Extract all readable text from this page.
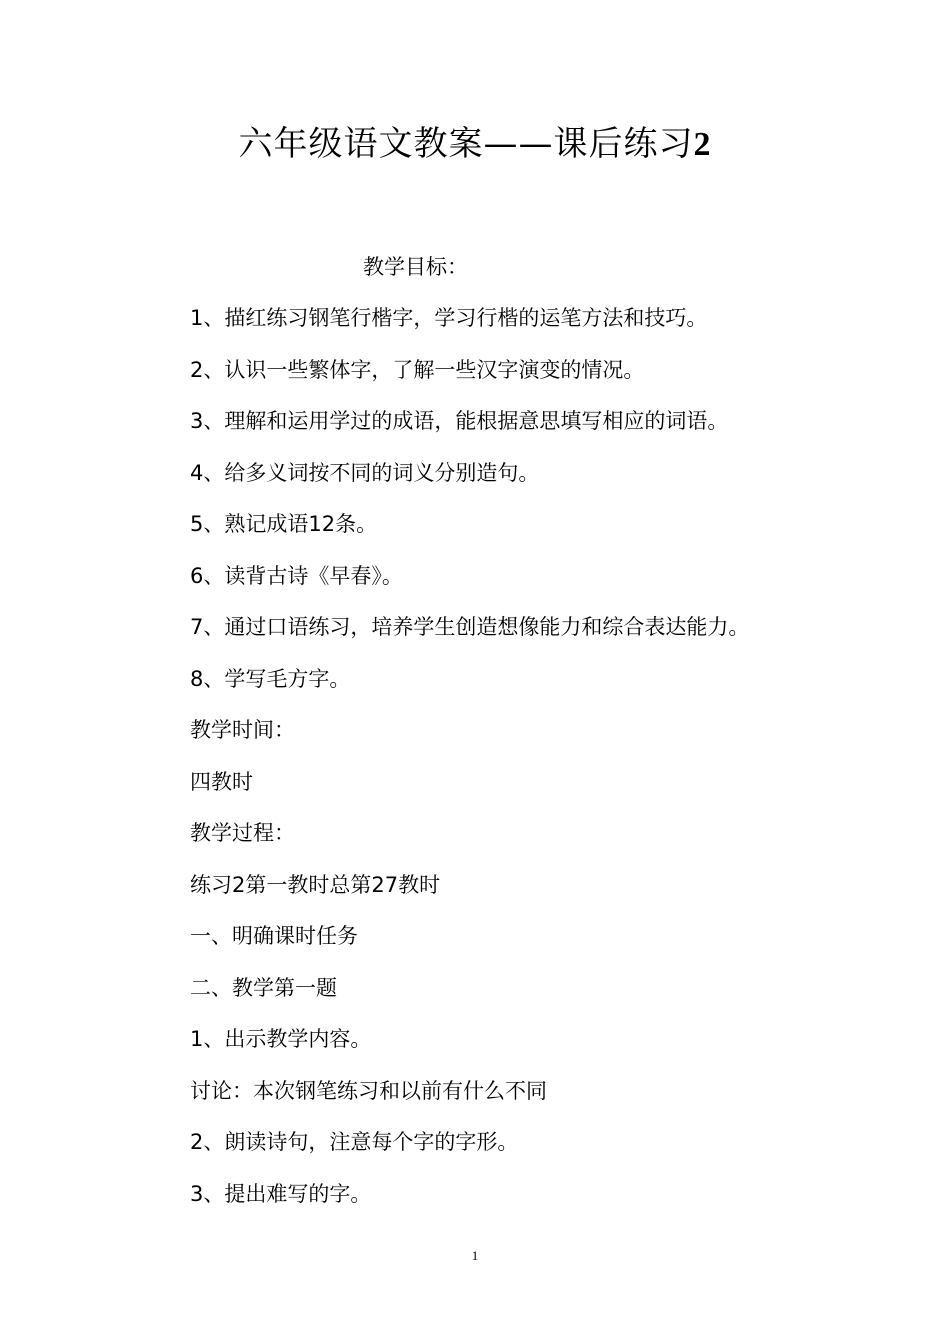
六年级语文教案——课后练习2

教学目标：

1、描红练习钢笔行楷字，学习行楷的运笔方法和技巧。
2、认识一些繁体字，了解一些汉字演变的情况。
3、理解和运用学过的成语，能根据意思填写相应的词语。
4、给多义词按不同的词义分别造句。
5、熟记成语12条。
6、读背古诗《早春》。
7、通过口语练习，培养学生创造想像能力和综合表达能力。
8、学写毛方字。
教学时间：
四教时
教学过程：
练习2第一教时总第27教时
一、明确课时任务
二、教学第一题
1、出示教学内容。
讨论：本次钢笔练习和以前有什么不同
2、朗读诗句，注意每个字的字形。
3、提出难写的字。
1
